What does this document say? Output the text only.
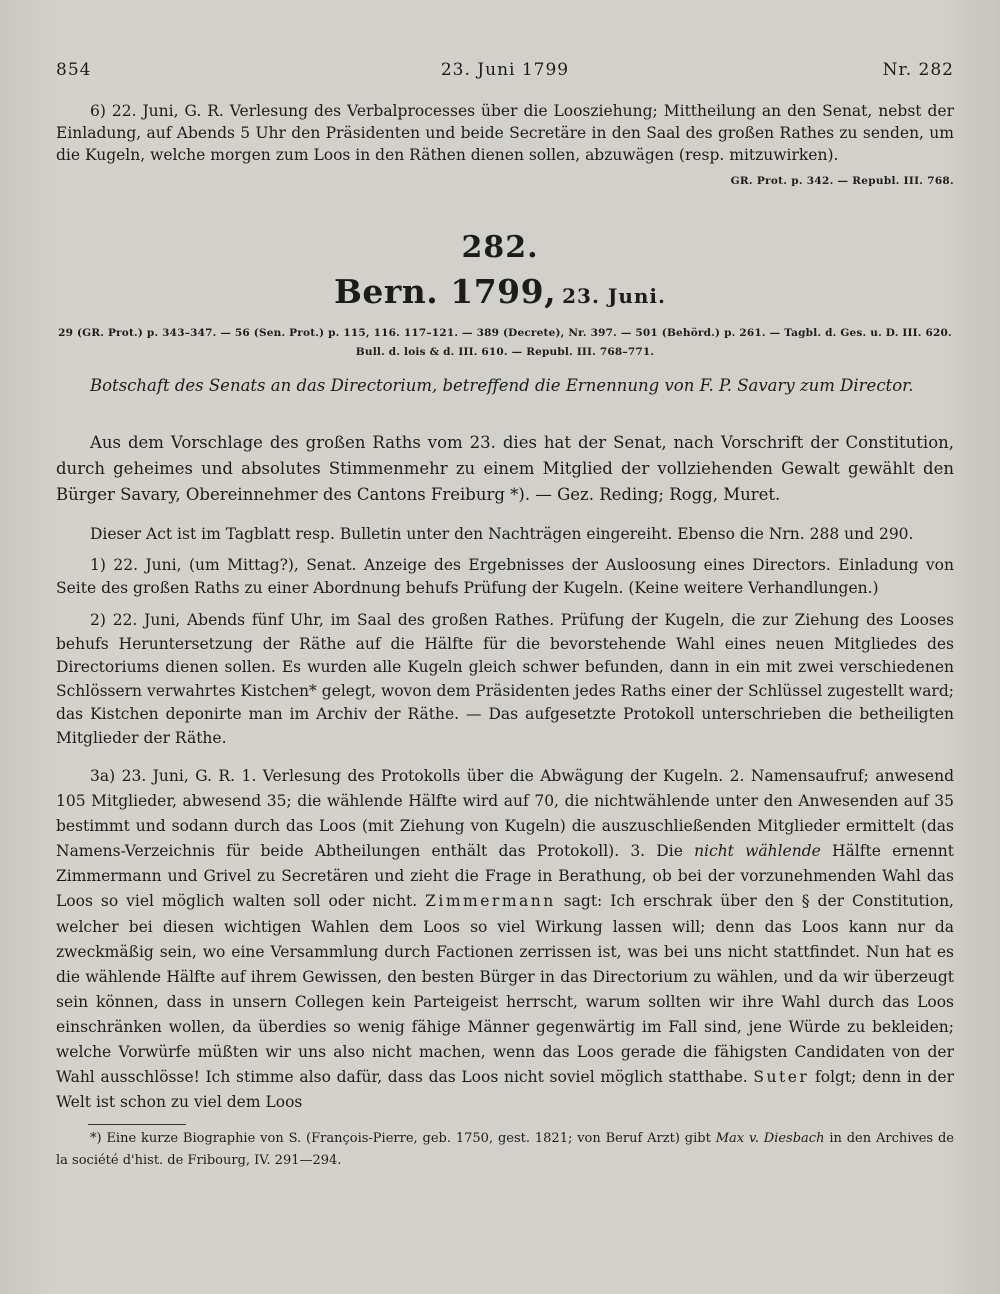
854	23. Juni 1799	Nr. 282

6) 22. Juni, G. R. Verlesung des Verbalprocesses über die Looszіehung; Mittheilung an den Senat, nebst der Einladung, auf Abends 5 Uhr den Präsidenten und beide Secretäre in den Saal des großen Rathes zu senden, um die Kugeln, welche morgen zum Loos in den Räthen dienen sollen, abzuwägen (resp. mitzuwirken).
GR. Prot. p. 342. — Republ. III. 768.

282.
Bern. 1799, 23. Juni.
29 (GR. Prot.) p. 343–347. — 56 (Sen. Prot.) p. 115, 116. 117–121. — 389 (Decrete), Nr. 397. — 501 (Behörd.) p. 261. — Tagbl. d. Ges. u. D. III. 620.
Bull. d. lois & d. III. 610. — Republ. III. 768–771.

Botschaft des Senats an das Directorium, betreffend die Ernennung von F. P. Savary zum Director.

Aus dem Vorschlage des großen Raths vom 23. dies hat der Senat, nach Vorschrift der Constitution, durch geheimes und absolutes Stimmenmehr zu einem Mitglied der vollziehenden Gewalt gewählt den Bürger Savary, Obereinnehmer des Cantons Freiburg *). — Gez. Reding; Rogg, Muret.

Dieser Act ist im Tagblatt resp. Bulletin unter den Nachträgen eingereiht. Ebenso die Nrn. 288 und 290.

1) 22. Juni, (um Mittag?), Senat. Anzeige des Ergebnisses der Ausloosung eines Directors. Einladung von Seite des großen Raths zu einer Abordnung behufs Prüfung der Kugeln. (Keine weitere Verhandlungen.)

2) 22. Juni, Abends fünf Uhr, im Saal des großen Rathes. Prüfung der Kugeln, die zur Ziehung des Looses behufs Heruntersetzung der Räthe auf die Hälfte für die bevorstehende Wahl eines neuen Mitgliedes des Directoriums dienen sollen. Es wurden alle Kugeln gleich schwer befunden, dann in ein mit zwei verschiedenen Schlössern verwahrtes Kistchen* gelegt, wovon dem Präsidenten jedes Raths einer der Schlüssel zugestellt ward; das Kistchen deponirte man im Archiv der Räthe. — Das aufgesetzte Protokoll unterschrieben die betheiligten Mitglieder der Räthe.

3a) 23. Juni, G. R. 1. Verlesung des Protokolls über die Abwägung der Kugeln. 2. Namensaufruf; anwesend 105 Mitglieder, abwesend 35; die wählende Hälfte wird auf 70, die nichtwählende unter den Anwesenden auf 35 bestimmt und sodann durch das Loos (mit Ziehung von Kugeln) die auszuschließenden Mitglieder ermittelt (das Namens-Verzeichnis für beide Abtheilungen enthält das Protokoll). 3. Die nicht wählende Hälfte ernennt Zimmermann und Grivel zu Secretären und zieht die Frage in Berathung, ob bei der vorzunehmenden Wahl das Loos so viel möglich walten soll oder nicht. Zimmermann sagt: Ich erschrak über den § der Constitution, welcher bei diesen wichtigen Wahlen dem Loos so viel Wirkung lassen will; denn das Loos kann nur da zweckmäßig sein, wo eine Versammlung durch Factionen zerrissen ist, was bei uns nicht stattfindet. Nun hat es die wählende Hälfte auf ihrem Gewissen, den besten Bürger in das Directorium zu wählen, und da wir überzeugt sein können, dass in unsern Collegen kein Parteigeist herrscht, warum sollten wir ihre Wahl durch das Loos einschränken wollen, da überdies so wenig fähige Männer gegenwärtig im Fall sind, jene Würde zu bekleiden; welche Vorwürfe müßten wir uns also nicht machen, wenn das Loos gerade die fähigsten Candidaten von der Wahl ausschlösse! Ich stimme also dafür, dass das Loos nicht soviel möglich statthabe. Suter folgt; denn in der Welt ist schon zu viel dem Loos

*) Eine kurze Biographie von S. (François-Pierre, geb. 1750, gest. 1821; von Beruf Arzt) gibt Max v. Diesbach in den Archives de la société d'hist. de Fribourg, IV. 291—294.
